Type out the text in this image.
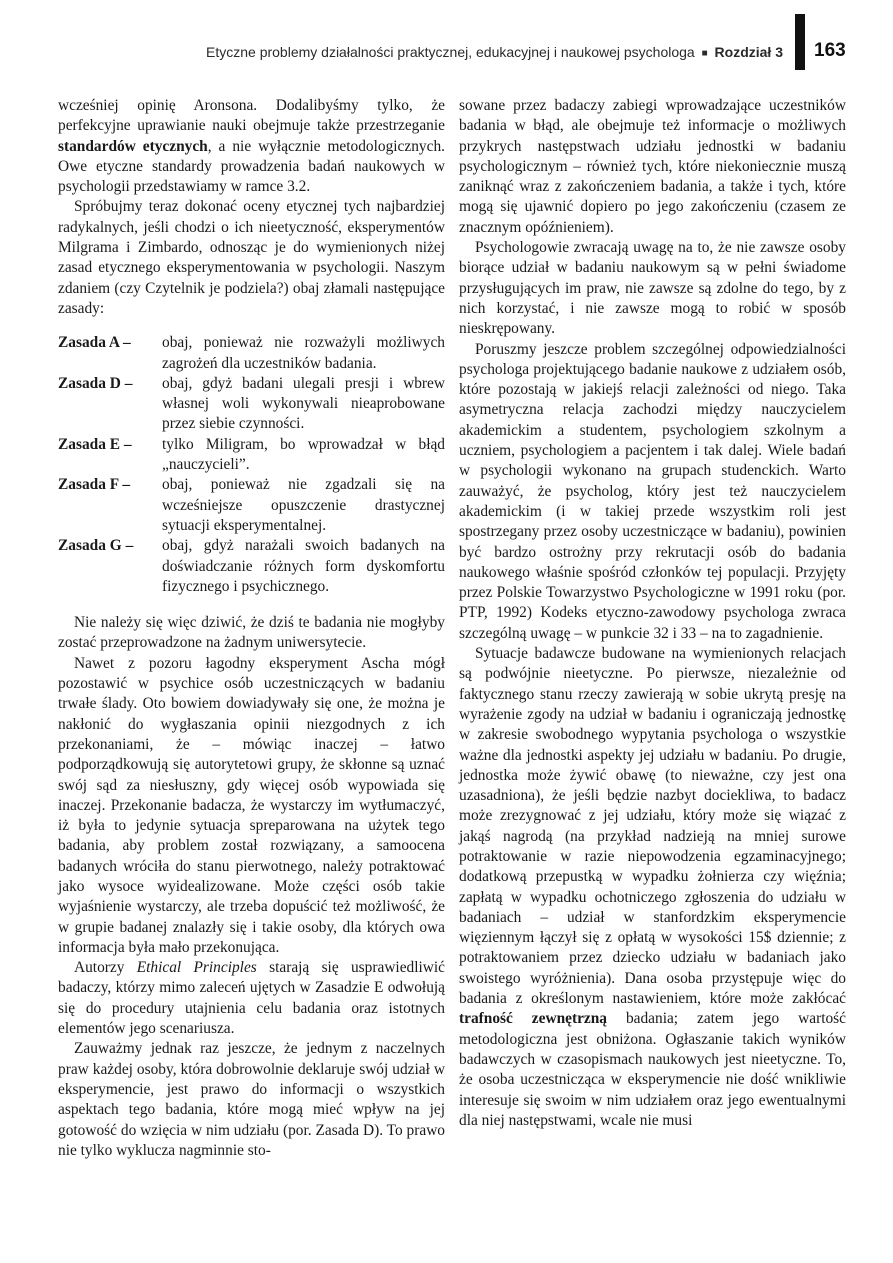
Etyczne problemy działalności praktycznej, edukacyjnej i naukowej psychologa ■ Rozdział 3 163

wcześniej opinię Aronsona. Dodalibyśmy tylko, że perfekcyjne uprawianie nauki obejmuje także przestrzeganie standardów etycznych, a nie wyłącznie metodologicznych. Owe etyczne standardy prowadzenia badań naukowych w psychologii przedstawiamy w ramce 3.2.

Spróbujmy teraz dokonać oceny etycznej tych najbardziej radykalnych, jeśli chodzi o ich nieetyczność, eksperymentów Milgrama i Zimbardo, odnosząc je do wymienionych niżej zasad etycznego eksperymentowania w psychologii. Naszym zdaniem (czy Czytelnik je podziela?) obaj złamali następujące zasady:

Zasada A –	obaj, ponieważ nie rozważyli możliwych zagrożeń dla uczestników badania.
Zasada D –	obaj, gdyż badani ulegali presji i wbrew własnej woli wykonywali nieaprobowane przez siebie czynności.
Zasada E –	tylko Miligram, bo wprowadzał w błąd „nauczycieli”.
Zasada F –	obaj, ponieważ nie zgadzali się na wcześniejsze opuszczenie drastycznej sytuacji eksperymentalnej.
Zasada G –	obaj, gdyż narażali swoich badanych na doświadczanie różnych form dyskomfortu fizycznego i psychicznego.

Nie należy się więc dziwić, że dziś te badania nie mogłyby zostać przeprowadzone na żadnym uniwersytecie.

Nawet z pozoru łagodny eksperyment Ascha mógł pozostawić w psychice osób uczestniczących w badaniu trwałe ślady. Oto bowiem dowiadywały się one, że można je nakłonić do wygłaszania opinii niezgodnych z ich przekonaniami, że – mówiąc inaczej – łatwo podporządkowują się autorytetowi grupy, że skłonne są uznać swój sąd za niesłuszny, gdy więcej osób wypowiada się inaczej. Przekonanie badacza, że wystarczy im wytłumaczyć, iż była to jedynie sytuacja spreparowana na użytek tego badania, aby problem został rozwiązany, a samoocena badanych wróciła do stanu pierwotnego, należy potraktować jako wysoce wyidealizowane. Może części osób takie wyjaśnienie wystarczy, ale trzeba dopuścić też możliwość, że w grupie badanej znalazły się i takie osoby, dla których owa informacja była mało przekonująca.

Autorzy Ethical Principles starają się usprawiedliwić badaczy, którzy mimo zaleceń ujętych w Zasadzie E odwołują się do procedury utajnienia celu badania oraz istotnych elementów jego scenariusza.

Zauważmy jednak raz jeszcze, że jednym z naczelnych praw każdej osoby, która dobrowolnie deklaruje swój udział w eksperymencie, jest prawo do informacji o wszystkich aspektach tego badania, które mogą mieć wpływ na jej gotowość do wzięcia w nim udziału (por. Zasada D). To prawo nie tylko wyklucza nagminnie sto-

sowane przez badaczy zabiegi wprowadzające uczestników badania w błąd, ale obejmuje też informacje o możliwych przykrych następstwach udziału jednostki w badaniu psychologicznym – również tych, które niekoniecznie muszą zaniknąć wraz z zakończeniem badania, a także i tych, które mogą się ujawnić dopiero po jego zakończeniu (czasem ze znacznym opóźnieniem).

Psychologowie zwracają uwagę na to, że nie zawsze osoby biorące udział w badaniu naukowym są w pełni świadome przysługujących im praw, nie zawsze są zdolne do tego, by z nich korzystać, i nie zawsze mogą to robić w sposób nieskrępowany.

Poruszmy jeszcze problem szczególnej odpowiedzialności psychologa projektującego badanie naukowe z udziałem osób, które pozostają w jakiejś relacji zależności od niego. Taka asymetryczna relacja zachodzi między nauczycielem akademickim a studentem, psychologiem szkolnym a uczniem, psychologiem a pacjentem i tak dalej. Wiele badań w psychologii wykonano na grupach studenckich. Warto zauważyć, że psycholog, który jest też nauczycielem akademickim (i w takiej przede wszystkim roli jest spostrzegany przez osoby uczestniczące w badaniu), powinien być bardzo ostrożny przy rekrutacji osób do badania naukowego właśnie spośród członków tej populacji. Przyjęty przez Polskie Towarzystwo Psychologiczne w 1991 roku (por. PTP, 1992) Kodeks etyczno-zawodowy psychologa zwraca szczególną uwagę – w punkcie 32 i 33 – na to zagadnienie.

Sytuacje badawcze budowane na wymienionych relacjach są podwójnie nieetyczne. Po pierwsze, niezależnie od faktycznego stanu rzeczy zawierają w sobie ukrytą presję na wyrażenie zgody na udział w badaniu i ograniczają jednostkę w zakresie swobodnego wypytania psychologa o wszystkie ważne dla jednostki aspekty jej udziału w badaniu. Po drugie, jednostka może żywić obawę (to nieważne, czy jest ona uzasadniona), że jeśli będzie nazbyt dociekliwa, to badacz może zrezygnować z jej udziału, który może się wiązać z jakąś nagrodą (na przykład nadzieją na mniej surowe potraktowanie w razie niepowodzenia egzaminacyjnego; dodatkową przepustką w wypadku żołnierza czy więźnia; zapłatą w wypadku ochotniczego zgłoszenia do udziału w badaniach – udział w stanfordzkim eksperymencie więziennym łączył się z opłatą w wysokości 15$ dziennie; z potraktowaniem przez dziecko udziału w badaniach jako swoistego wyróżnienia). Dana osoba przystępuje więc do badania z określonym nastawieniem, które może zakłócać trafność zewnętrzną badania; zatem jego wartość metodologiczna jest obniżona. Ogłaszanie takich wyników badawczych w czasopismach naukowych jest nieetyczne. To, że osoba uczestnicząca w eksperymencie nie dość wnikliwie interesuje się swoim w nim udziałem oraz jego ewentualnymi dla niej następstwami, wcale nie musi
